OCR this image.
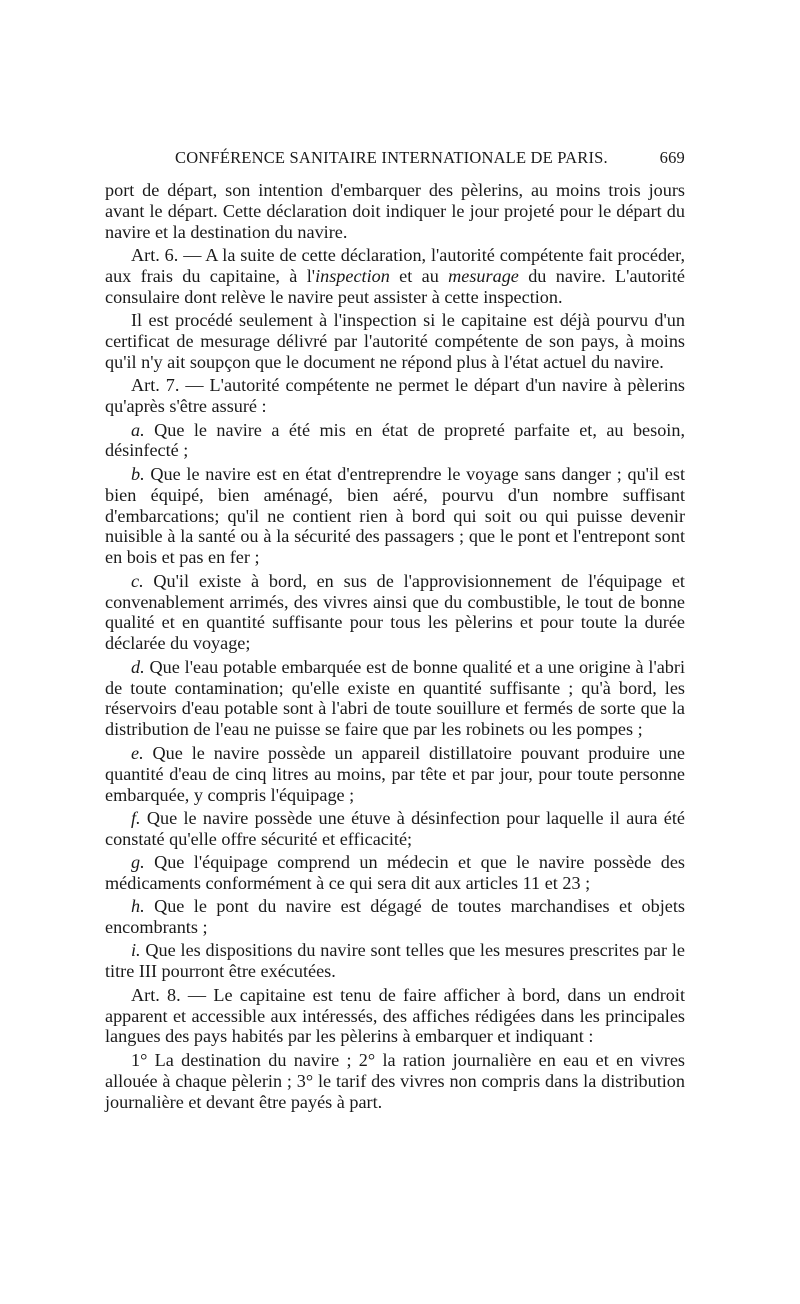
CONFÉRENCE SANITAIRE INTERNATIONALE DE PARIS.	669

port de départ, son intention d'embarquer des pèlerins, au moins trois jours avant le départ. Cette déclaration doit indiquer le jour projeté pour le départ du navire et la destination du navire.

Art. 6. — A la suite de cette déclaration, l'autorité compétente fait procéder, aux frais du capitaine, à l'inspection et au mesurage du navire. L'autorité consulaire dont relève le navire peut assister à cette inspection.

Il est procédé seulement à l'inspection si le capitaine est déjà pourvu d'un certificat de mesurage délivré par l'autorité compétente de son pays, à moins qu'il n'y ait soupçon que le document ne répond plus à l'état actuel du navire.

Art. 7. — L'autorité compétente ne permet le départ d'un navire à pèlerins qu'après s'être assuré :

a. Que le navire a été mis en état de propreté parfaite et, au besoin, désinfecté ;

b. Que le navire est en état d'entreprendre le voyage sans danger ; qu'il est bien équipé, bien aménagé, bien aéré, pourvu d'un nombre suffisant d'embarcations; qu'il ne contient rien à bord qui soit ou qui puisse devenir nuisible à la santé ou à la sécurité des passagers ; que le pont et l'entrepont sont en bois et pas en fer ;

c. Qu'il existe à bord, en sus de l'approvisionnement de l'équipage et convenablement arrimés, des vivres ainsi que du combustible, le tout de bonne qualité et en quantité suffisante pour tous les pèlerins et pour toute la durée déclarée du voyage;

d. Que l'eau potable embarquée est de bonne qualité et a une origine à l'abri de toute contamination; qu'elle existe en quantité suffisante ; qu'à bord, les réservoirs d'eau potable sont à l'abri de toute souillure et fermés de sorte que la distribution de l'eau ne puisse se faire que par les robinets ou les pompes ;

e. Que le navire possède un appareil distillatoire pouvant produire une quantité d'eau de cinq litres au moins, par tête et par jour, pour toute personne embarquée, y compris l'équipage ;

f. Que le navire possède une étuve à désinfection pour laquelle il aura été constaté qu'elle offre sécurité et efficacité;

g. Que l'équipage comprend un médecin et que le navire possède des médicaments conformément à ce qui sera dit aux articles 11 et 23 ;

h. Que le pont du navire est dégagé de toutes marchandises et objets encombrants ;

i. Que les dispositions du navire sont telles que les mesures prescrites par le titre III pourront être exécutées.

Art. 8. — Le capitaine est tenu de faire afficher à bord, dans un endroit apparent et accessible aux intéressés, des affiches rédigées dans les principales langues des pays habités par les pèlerins à embarquer et indiquant :

1° La destination du navire ; 2° la ration journalière en eau et en vivres allouée à chaque pèlerin ; 3° le tarif des vivres non compris dans la distribution journalière et devant être payés à part.
